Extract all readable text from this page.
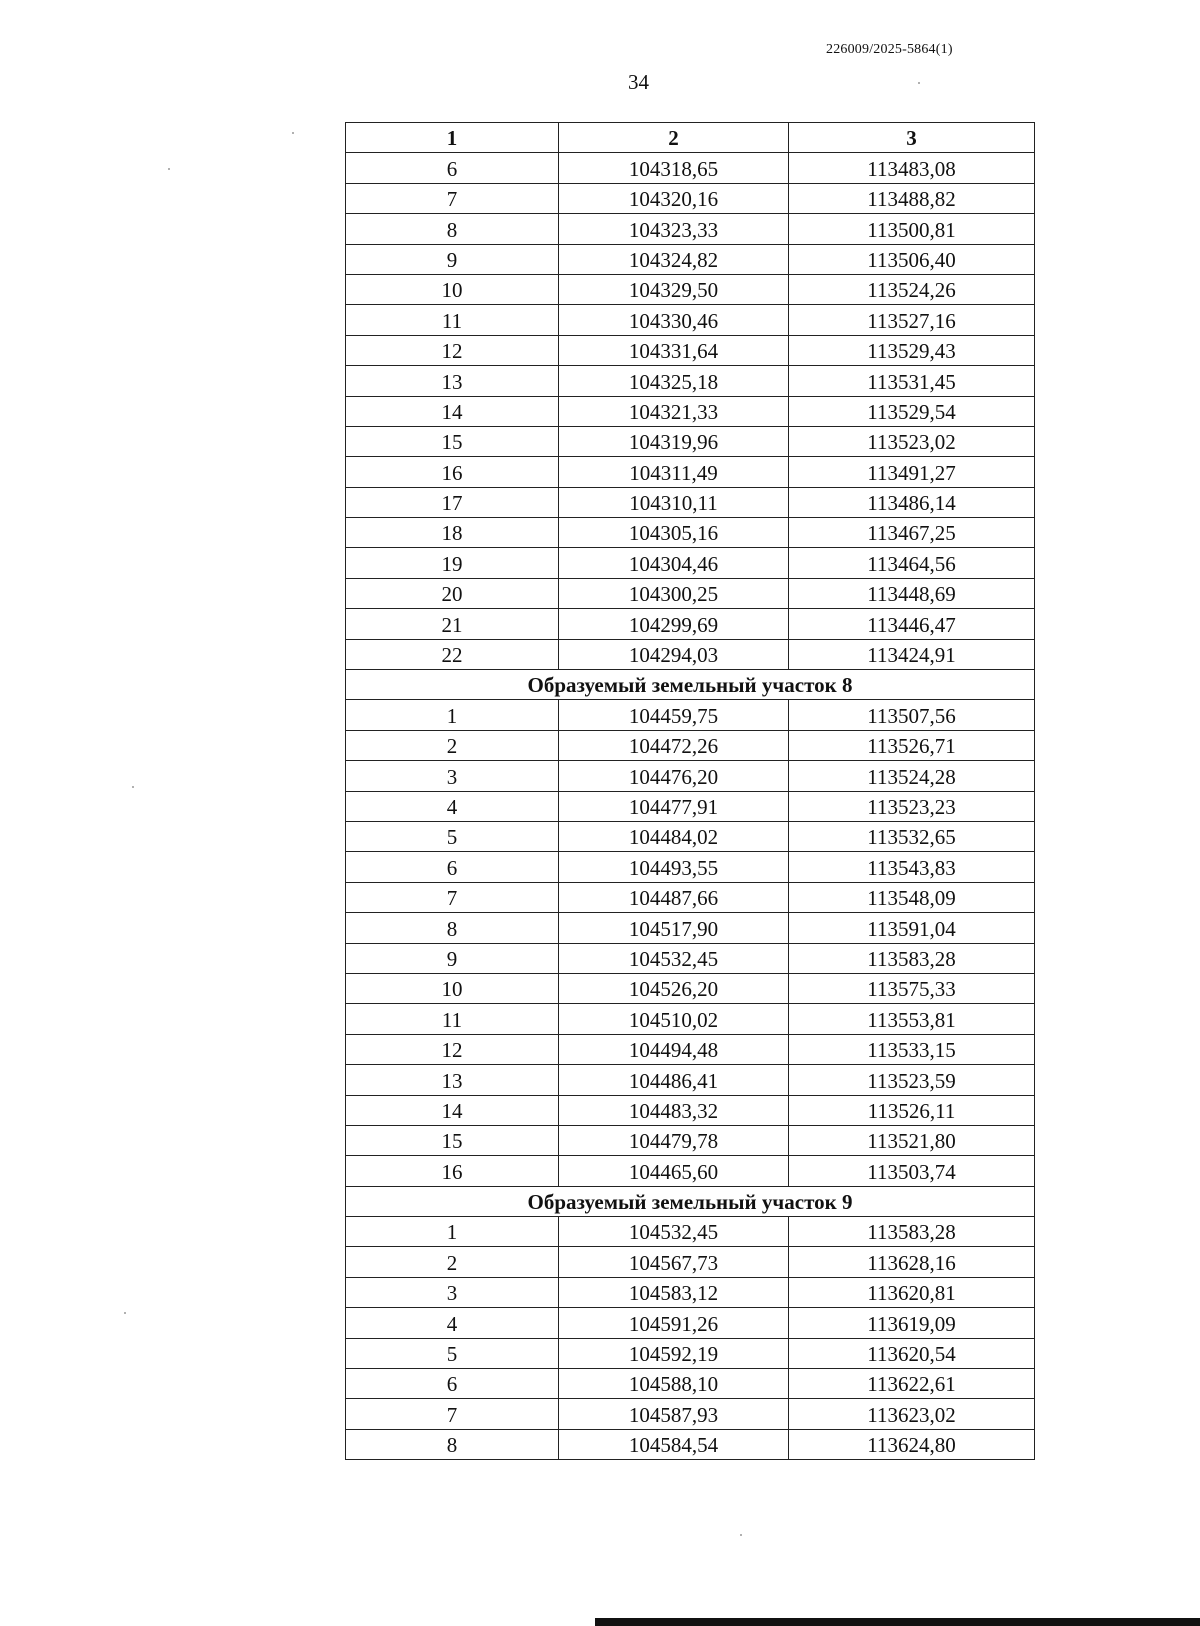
226009/2025-5864(1)
34
1	2	3
6	104318,65	113483,08
7	104320,16	113488,82
8	104323,33	113500,81
9	104324,82	113506,40
10	104329,50	113524,26
11	104330,46	113527,16
12	104331,64	113529,43
13	104325,18	113531,45
14	104321,33	113529,54
15	104319,96	113523,02
16	104311,49	113491,27
17	104310,11	113486,14
18	104305,16	113467,25
19	104304,46	113464,56
20	104300,25	113448,69
21	104299,69	113446,47
22	104294,03	113424,91
Образуемый земельный участок 8		
1	104459,75	113507,56
2	104472,26	113526,71
3	104476,20	113524,28
4	104477,91	113523,23
5	104484,02	113532,65
6	104493,55	113543,83
7	104487,66	113548,09
8	104517,90	113591,04
9	104532,45	113583,28
10	104526,20	113575,33
11	104510,02	113553,81
12	104494,48	113533,15
13	104486,41	113523,59
14	104483,32	113526,11
15	104479,78	113521,80
16	104465,60	113503,74
Образуемый земельный участок 9		
1	104532,45	113583,28
2	104567,73	113628,16
3	104583,12	113620,81
4	104591,26	113619,09
5	104592,19	113620,54
6	104588,10	113622,61
7	104587,93	113623,02
8	104584,54	113624,80
